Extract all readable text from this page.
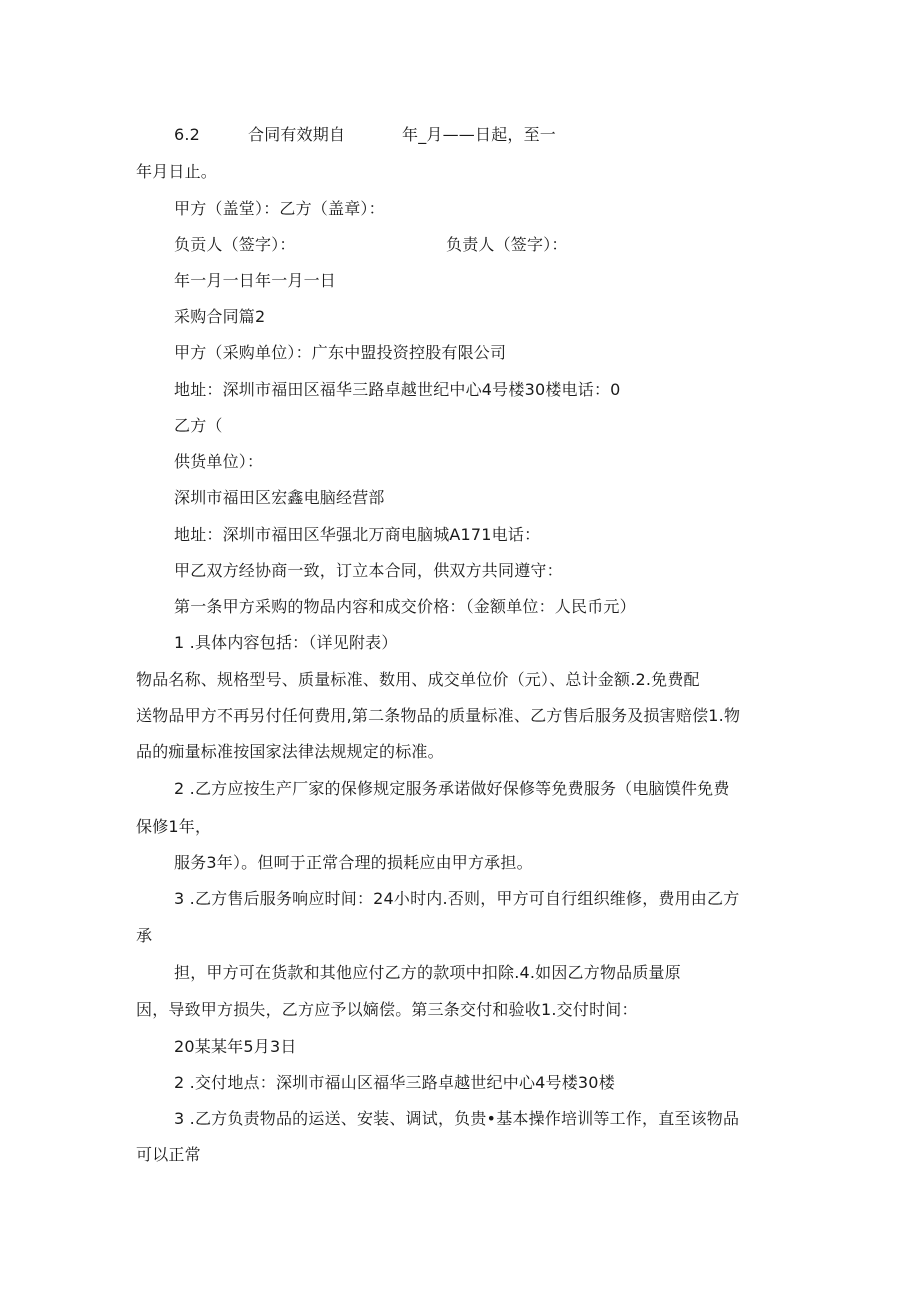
6.2	合同有效期自	年_月——日起，至一
年月日止。
甲方（盖堂）：乙方（盖章）：
负贡人（签字）：	负责人（签字）：
年一月一日年一月一日
采购合同篇2
甲方（采购单位）：广东中盟投资控股有限公司
地址：深圳市福田区福华三路卓越世纪中心4号楼30楼电话：0
乙方（
供货单位）：
深圳市福田区宏鑫电脑经营部
地址：深圳市福田区华强北万商电脑城A171电话：
甲乙双方经协商一致，订立本合同，供双方共同遵守：
第一条甲方采购的物品内容和成交价格：（金额单位：人民币元）
1 .具体内容包括：（详见附表）
物品名称、规格型号、质量标准、数用、成交单位价（元）、总计金额.2.免费配
送物品甲方不再另付任何费用,第二条物品的质量标准、乙方售后服务及损害赔偿1.物
品的痂量标准按国家法律法规规定的标准。
2 .乙方应按生产厂家的保修规定服务承诺做好保修等免费服务（电脑馍件免费
保修1年，
服务3年）。但呵于正常合理的损耗应由甲方承担。
3 .乙方售后服务响应时间：24小时内.否则，甲方可自行组织维修，费用由乙方
承
担，甲方可在货款和其他应付乙方的款项中扣除.4.如因乙方物品质量原
因，导致甲方损失，乙方应予以嫡偿。第三条交付和验收1.交付时间：
20某某年5月3日
2 .交付地点：深圳市福山区福华三路卓越世纪中心4号楼30楼
3 .乙方负责物品的运送、安装、调试，负贵•基本操作培训等工作，直至该物品
可以正常
